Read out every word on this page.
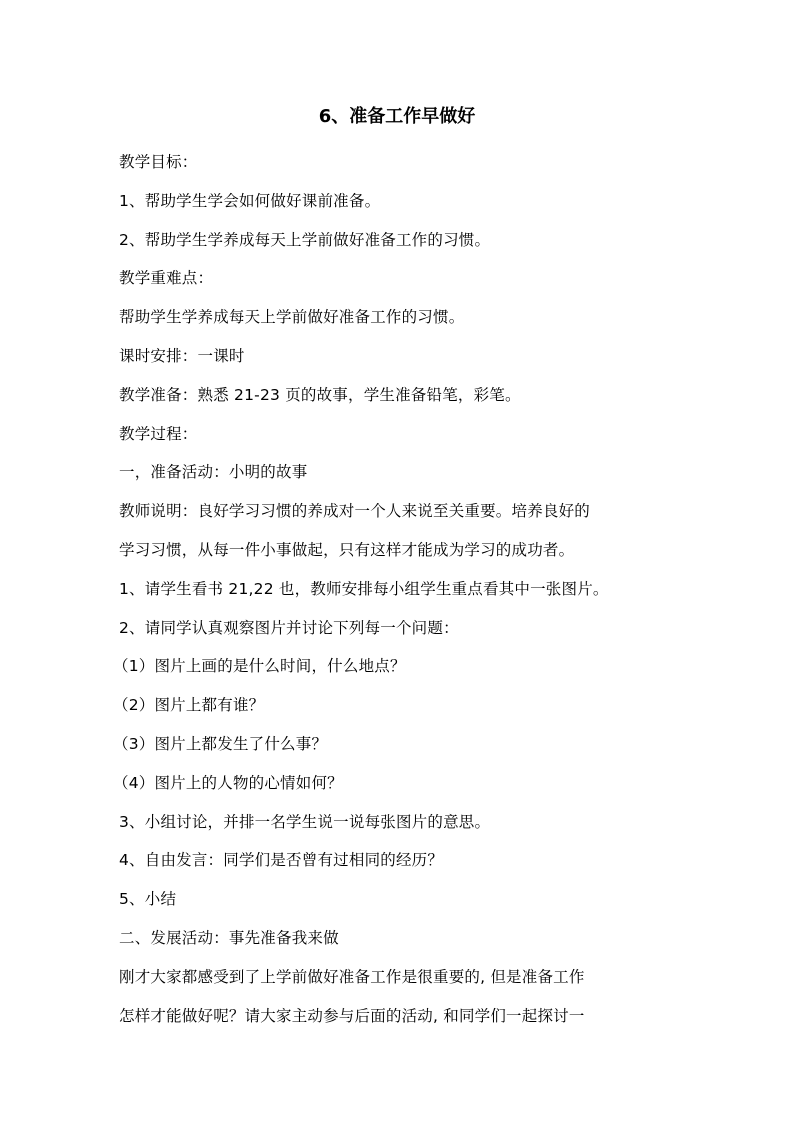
6、准备工作早做好
教学目标：
1、帮助学生学会如何做好课前准备。
2、帮助学生学养成每天上学前做好准备工作的习惯。
教学重难点：
帮助学生学养成每天上学前做好准备工作的习惯。
课时安排：一课时
教学准备：熟悉 21-23 页的故事，学生准备铅笔，彩笔。
教学过程：
一，准备活动：小明的故事
教师说明：良好学习习惯的养成对一个人来说至关重要。培养良好的
学习习惯，从每一件小事做起，只有这样才能成为学习的成功者。
1、请学生看书 21,22 也，教师安排每小组学生重点看其中一张图片。
2、请同学认真观察图片并讨论下列每一个问题：
（1）图片上画的是什么时间，什么地点？
（2）图片上都有谁？
（3）图片上都发生了什么事？
（4）图片上的人物的心情如何？
3、小组讨论，并排一名学生说一说每张图片的意思。
4、自由发言：同学们是否曾有过相同的经历？
5、小结
二、发展活动：事先准备我来做
刚才大家都感受到了上学前做好准备工作是很重要的, 但是准备工作
怎样才能做好呢？请大家主动参与后面的活动, 和同学们一起探讨一
